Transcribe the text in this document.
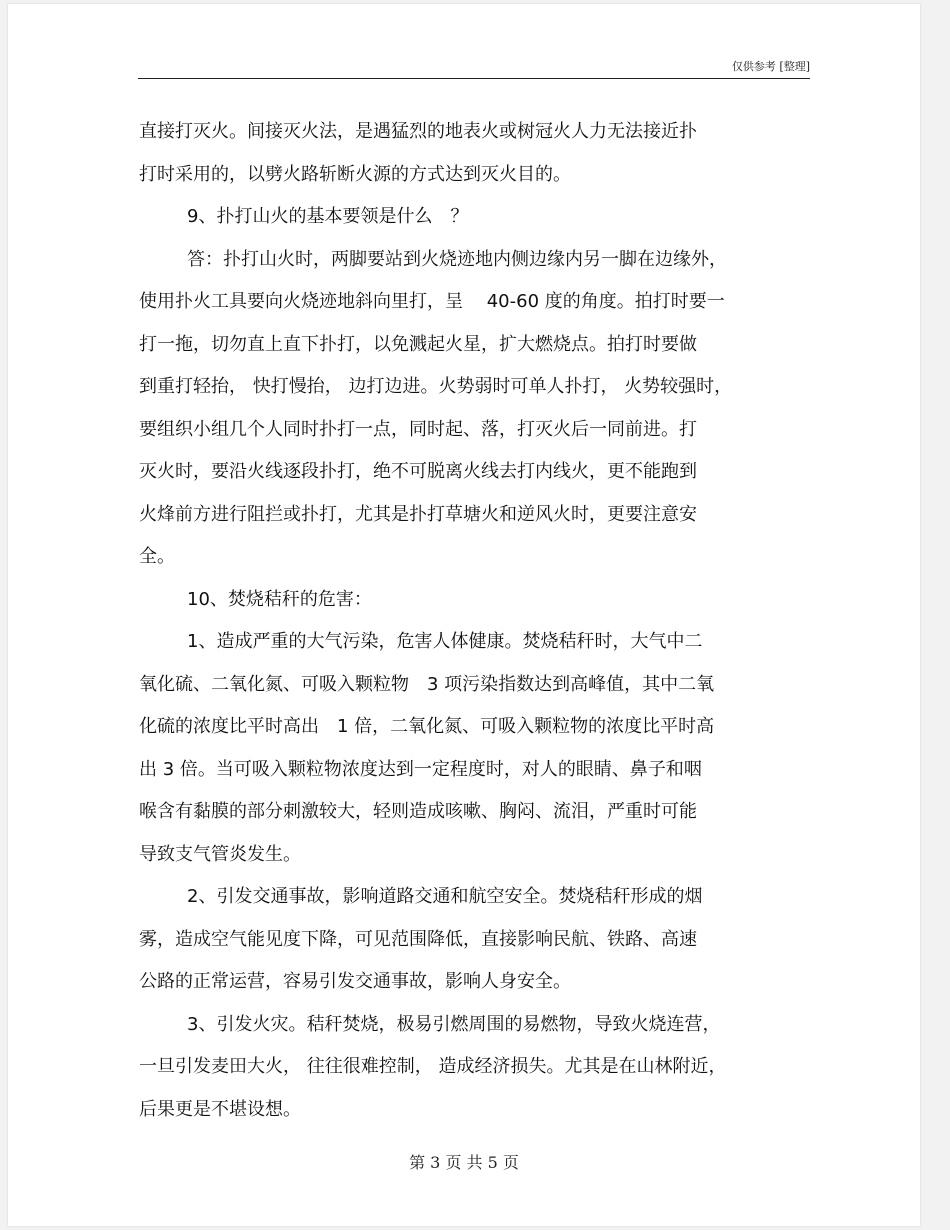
仅供参考 [整理]
直接打灭火。间接灭火法，是遇猛烈的地表火或树冠火人力无法接近扑
打时采用的，以劈火路斩断火源的方式达到灭火目的。
9、扑打山火的基本要领是什么　？
答：扑打山火时，两脚要站到火烧迹地内侧边缘内另一脚在边缘外，
使用扑火工具要向火烧迹地斜向里打，呈　 40-60 度的角度。拍打时要一
打一拖，切勿直上直下扑打，以免溅起火星，扩大燃烧点。拍打时要做
到重打轻抬， 快打慢抬， 边打边进。火势弱时可单人扑打， 火势较强时，
要组织小组几个人同时扑打一点，同时起、落，打灭火后一同前进。打
灭火时，要沿火线逐段扑打，绝不可脱离火线去打内线火，更不能跑到
火烽前方进行阻拦或扑打，尤其是扑打草塘火和逆风火时，更要注意安
全。
10、焚烧秸秆的危害：
1、造成严重的大气污染，危害人体健康。焚烧秸秆时，大气中二
氧化硫、二氧化氮、可吸入颗粒物　3 项污染指数达到高峰值，其中二氧
化硫的浓度比平时高出　1 倍，二氧化氮、可吸入颗粒物的浓度比平时高
出 3 倍。当可吸入颗粒物浓度达到一定程度时，对人的眼睛、鼻子和咽
喉含有黏膜的部分刺激较大，轻则造成咳嗽、胸闷、流泪，严重时可能
导致支气管炎发生。
2、引发交通事故，影响道路交通和航空安全。焚烧秸秆形成的烟
雾，造成空气能见度下降，可见范围降低，直接影响民航、铁路、高速
公路的正常运营，容易引发交通事故，影响人身安全。
3、引发火灾。秸秆焚烧，极易引燃周围的易燃物，导致火烧连营，
一旦引发麦田大火， 往往很难控制， 造成经济损失。尤其是在山林附近，
后果更是不堪设想。
第 3 页 共 5 页
